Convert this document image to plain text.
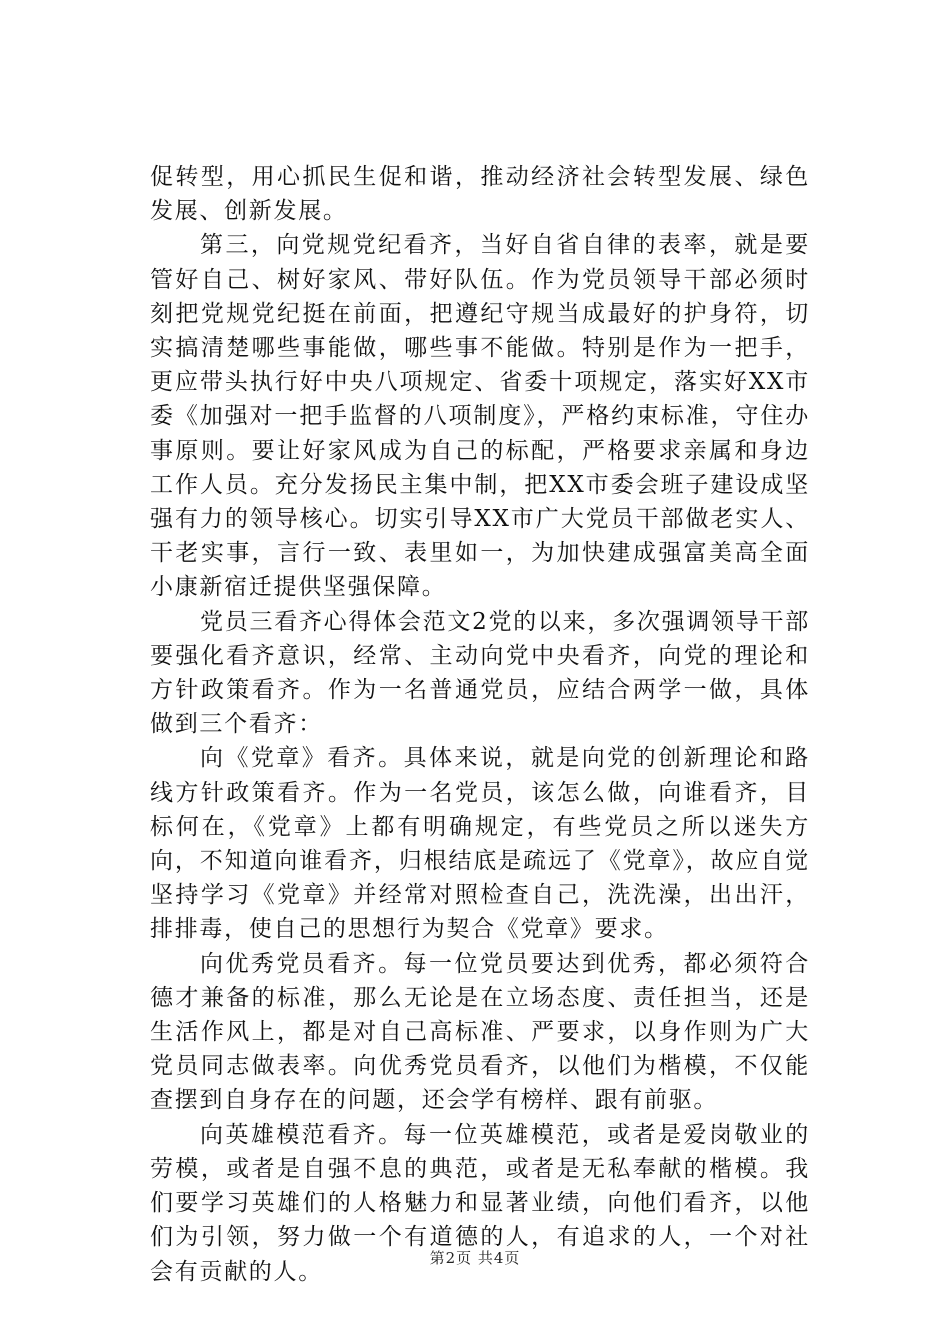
促转型，用心抓民生促和谐，推动经济社会转型发展、绿色发展、创新发展。

第三，向党规党纪看齐，当好自省自律的表率，就是要管好自己、树好家风、带好队伍。作为党员领导干部必须时刻把党规党纪挺在前面，把遵纪守规当成最好的护身符，切实搞清楚哪些事能做，哪些事不能做。特别是作为一把手，更应带头执行好中央八项规定、省委十项规定，落实好XX市委《加强对一把手监督的八项制度》，严格约束标准，守住办事原则。要让好家风成为自己的标配，严格要求亲属和身边工作人员。充分发扬民主集中制，把XX市委会班子建设成坚强有力的领导核心。切实引导XX市广大党员干部做老实人、干老实事，言行一致、表里如一，为加快建成强富美高全面小康新宿迁提供坚强保障。

党员三看齐心得体会范文2党的以来，多次强调领导干部要强化看齐意识，经常、主动向党中央看齐，向党的理论和方针政策看齐。作为一名普通党员，应结合两学一做，具体做到三个看齐：

向《党章》看齐。具体来说，就是向党的创新理论和路线方针政策看齐。作为一名党员，该怎么做，向谁看齐，目标何在，《党章》上都有明确规定，有些党员之所以迷失方向，不知道向谁看齐，归根结底是疏远了《党章》，故应自觉坚持学习《党章》并经常对照检查自己，洗洗澡，出出汗，排排毒，使自己的思想行为契合《党章》要求。

向优秀党员看齐。每一位党员要达到优秀，都必须符合德才兼备的标准，那么无论是在立场态度、责任担当，还是生活作风上，都是对自己高标准、严要求，以身作则为广大党员同志做表率。向优秀党员看齐，以他们为楷模，不仅能查摆到自身存在的问题，还会学有榜样、跟有前驱。

向英雄模范看齐。每一位英雄模范，或者是爱岗敬业的劳模，或者是自强不息的典范，或者是无私奉献的楷模。我们要学习英雄们的人格魅力和显著业绩，向他们看齐，以他们为引领，努力做一个有道德的人，有追求的人，一个对社会有贡献的人。

第2页 共4页
